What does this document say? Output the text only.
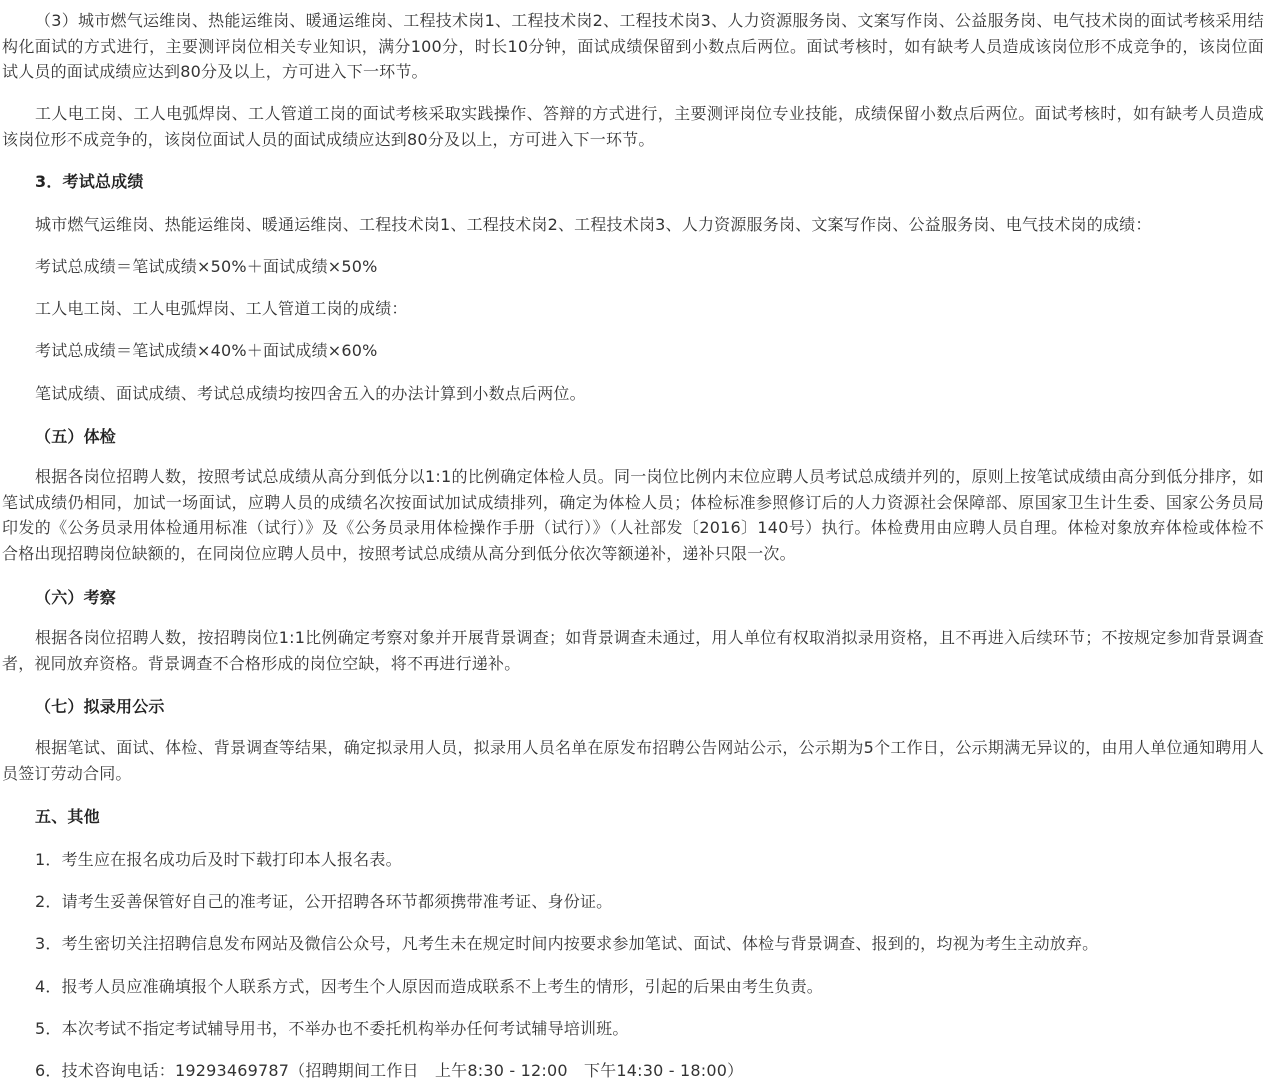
（3）城市燃气运维岗、热能运维岗、暖通运维岗、工程技术岗1、工程技术岗2、工程技术岗3、人力资源服务岗、文案写作岗、公益服务岗、电气技术岗的面试考核采用结构化面试的方式进行，主要测评岗位相关专业知识，满分100分，时长10分钟，面试成绩保留到小数点后两位。面试考核时，如有缺考人员造成该岗位形不成竞争的，该岗位面试人员的面试成绩应达到80分及以上，方可进入下一环节。

工人电工岗、工人电弧焊岗、工人管道工岗的面试考核采取实践操作、答辩的方式进行，主要测评岗位专业技能，成绩保留小数点后两位。面试考核时，如有缺考人员造成该岗位形不成竞争的，该岗位面试人员的面试成绩应达到80分及以上，方可进入下一环节。

3．考试总成绩
城市燃气运维岗、热能运维岗、暖通运维岗、工程技术岗1、工程技术岗2、工程技术岗3、人力资源服务岗、文案写作岗、公益服务岗、电气技术岗的成绩：
考试总成绩＝笔试成绩×50%＋面试成绩×50%
工人电工岗、工人电弧焊岗、工人管道工岗的成绩：
考试总成绩＝笔试成绩×40%＋面试成绩×60%
笔试成绩、面试成绩、考试总成绩均按四舍五入的办法计算到小数点后两位。
（五）体检

根据各岗位招聘人数，按照考试总成绩从高分到低分以1:1的比例确定体检人员。同一岗位比例内末位应聘人员考试总成绩并列的，原则上按笔试成绩由高分到低分排序，如笔试成绩仍相同，加试一场面试，应聘人员的成绩名次按面试加试成绩排列，确定为体检人员；体检标准参照修订后的人力资源社会保障部、原国家卫生计生委、国家公务员局印发的《公务员录用体检通用标准（试行）》及《公务员录用体检操作手册（试行）》（人社部发〔2016〕140号）执行。体检费用由应聘人员自理。体检对象放弃体检或体检不合格出现招聘岗位缺额的，在同岗位应聘人员中，按照考试总成绩从高分到低分依次等额递补，递补只限一次。

（六）考察

根据各岗位招聘人数，按招聘岗位1:1比例确定考察对象并开展背景调查；如背景调查未通过，用人单位有权取消拟录用资格，且不再进入后续环节；不按规定参加背景调查者，视同放弃资格。背景调查不合格形成的岗位空缺，将不再进行递补。

（七）拟录用公示

根据笔试、面试、体检、背景调查等结果，确定拟录用人员，拟录用人员名单在原发布招聘公告网站公示，公示期为5个工作日，公示期满无异议的，由用人单位通知聘用人员签订劳动合同。

五、其他
1．考生应在报名成功后及时下载打印本人报名表。
2．请考生妥善保管好自己的准考证，公开招聘各环节都须携带准考证、身份证。
3．考生密切关注招聘信息发布网站及微信公众号，凡考生未在规定时间内按要求参加笔试、面试、体检与背景调查、报到的，均视为考生主动放弃。
4．报考人员应准确填报个人联系方式，因考生个人原因而造成联系不上考生的情形，引起的后果由考生负责。
5．本次考试不指定考试辅导用书，不举办也不委托机构举办任何考试辅导培训班。
6．技术咨询电话：19293469787（招聘期间工作日　上午8:30 - 12:00　下午14:30 - 18:00）
